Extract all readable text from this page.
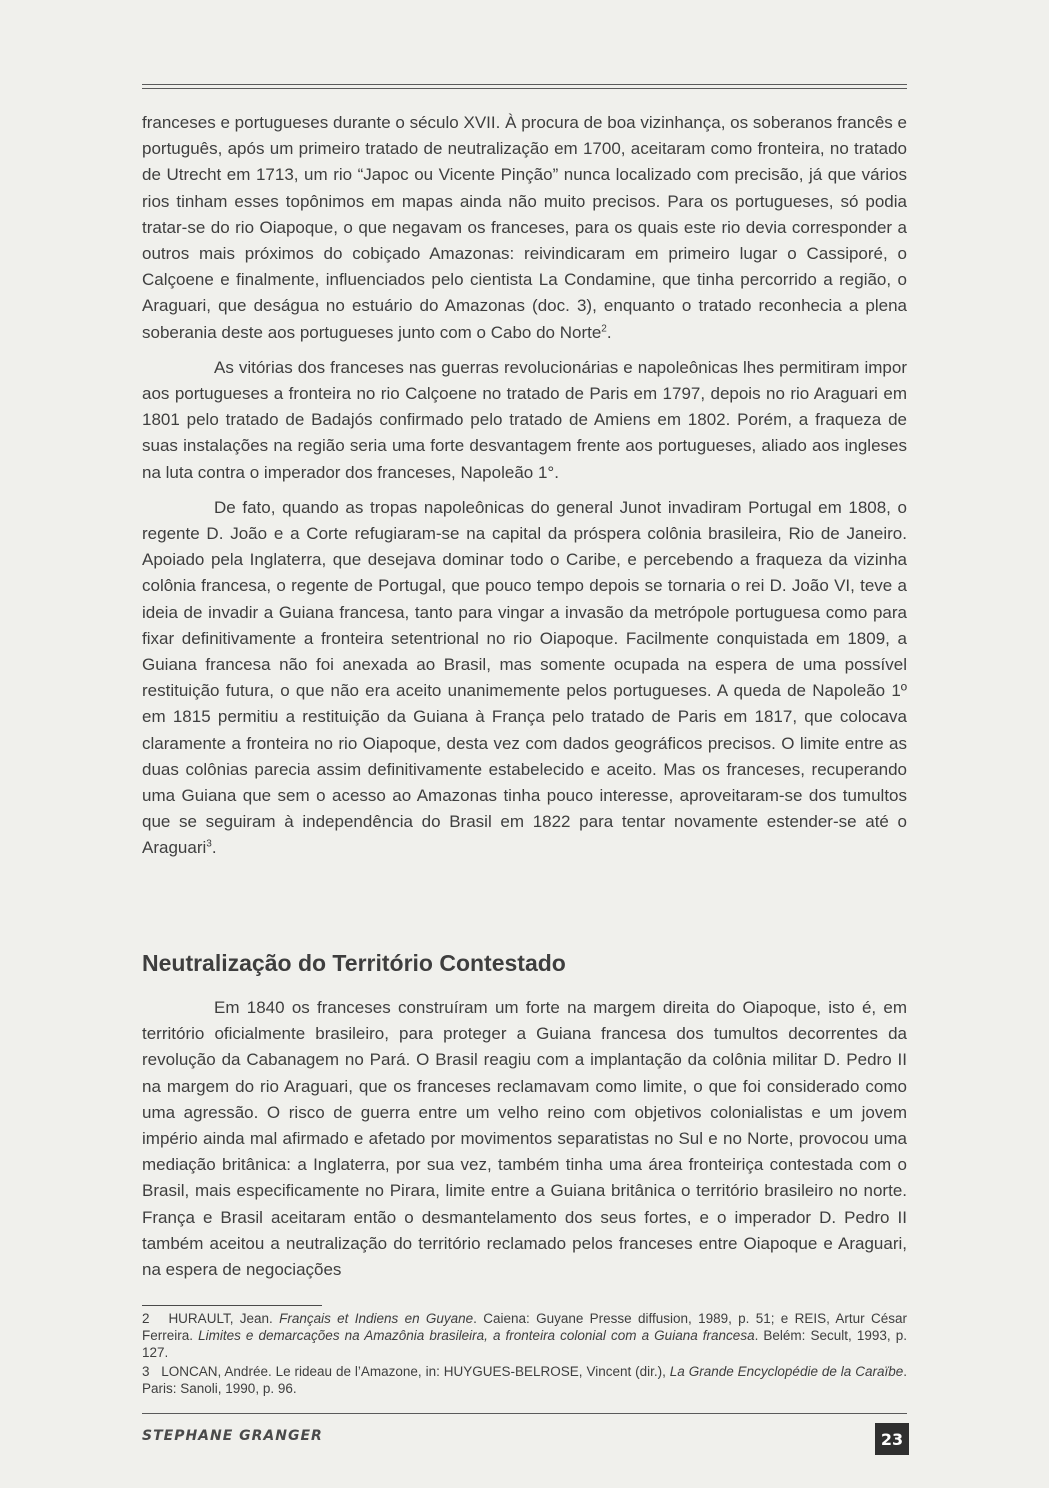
franceses e portugueses durante o século XVII. À procura de boa vizinhança, os soberanos francês e português, após um primeiro tratado de neutralização em 1700, aceitaram como fronteira, no tratado de Utrecht em 1713, um rio “Japoc ou Vicente Pinção” nunca localizado com precisão, já que vários rios tinham esses topônimos em mapas ainda não muito precisos. Para os portugueses, só podia tratar-se do rio Oiapoque, o que negavam os franceses, para os quais este rio devia corresponder a outros mais próximos do cobiçado Amazonas: reivindicaram em primeiro lugar o Cassiporé, o Calçoene e finalmente, influenciados pelo cientista La Condamine, que tinha percorrido a região, o Araguari, que deságua no estuário do Amazonas (doc. 3), enquanto o tratado reconhecia a plena soberania deste aos portugueses junto com o Cabo do Norte$^2$.

As vitórias dos franceses nas guerras revolucionárias e napoleônicas lhes permitiram impor aos portugueses a fronteira no rio Calçoene no tratado de Paris em 1797, depois no rio Araguari em 1801 pelo tratado de Badajós confirmado pelo tratado de Amiens em 1802. Porém, a fraqueza de suas instalações na região seria uma forte desvantagem frente aos portugueses, aliado aos ingleses na luta contra o imperador dos franceses, Napoleão 1°.

De fato, quando as tropas napoleônicas do general Junot invadiram Portugal em 1808, o regente D. João e a Corte refugiaram-se na capital da próspera colônia brasileira, Rio de Janeiro. Apoiado pela Inglaterra, que desejava dominar todo o Caribe, e percebendo a fraqueza da vizinha colônia francesa, o regente de Portugal, que pouco tempo depois se tornaria o rei D. João VI, teve a ideia de invadir a Guiana francesa, tanto para vingar a invasão da metrópole portuguesa como para fixar definitivamente a fronteira setentrional no rio Oiapoque. Facilmente conquistada em 1809, a Guiana francesa não foi anexada ao Brasil, mas somente ocupada na espera de uma possível restituição futura, o que não era aceito unanimemente pelos portugueses. A queda de Napoleão 1º em 1815 permitiu a restituição da Guiana à França pelo tratado de Paris em 1817, que colocava claramente a fronteira no rio Oiapoque, desta vez com dados geográficos precisos. O limite entre as duas colônias parecia assim definitivamente estabelecido e aceito. Mas os franceses, recuperando uma Guiana que sem o acesso ao Amazonas tinha pouco interesse, aproveitaram-se dos tumultos que se seguiram à independência do Brasil em 1822 para tentar novamente estender-se até o Araguari$^3$.

Neutralização do Território Contestado

Em 1840 os franceses construíram um forte na margem direita do Oiapoque, isto é, em território oficialmente brasileiro, para proteger a Guiana francesa dos tumultos decorrentes da revolução da Cabanagem no Pará. O Brasil reagiu com a implantação da colônia militar D. Pedro II na margem do rio Araguari, que os franceses reclamavam como limite, o que foi considerado como uma agressão. O risco de guerra entre um velho reino com objetivos colonialistas e um jovem império ainda mal afirmado e afetado por movimentos separatistas no Sul e no Norte, provocou uma mediação britânica: a Inglaterra, por sua vez, também tinha uma área fronteiriça contestada com o Brasil, mais especificamente no Pirara, limite entre a Guiana britânica o território brasileiro no norte. França e Brasil aceitaram então o desmantelamento dos seus fortes, e o imperador D. Pedro II também aceitou a neutralização do território reclamado pelos franceses entre Oiapoque e Araguari, na espera de negociações

2 HURAULT, Jean. Français et Indiens en Guyane. Caiena: Guyane Presse diffusion, 1989, p. 51; e REIS, Artur César Ferreira. Limites e demarcações na Amazônia brasileira, a fronteira colonial com a Guiana francesa. Belém: Secult, 1993, p. 127.

3 LONCAN, Andrée. Le rideau de l’Amazone, in: HUYGUES-BELROSE, Vincent (dir.), La Grande Encyclopédie de la Caraïbe. Paris: Sanoli, 1990, p. 96.

STEPHANE GRANGER	23
